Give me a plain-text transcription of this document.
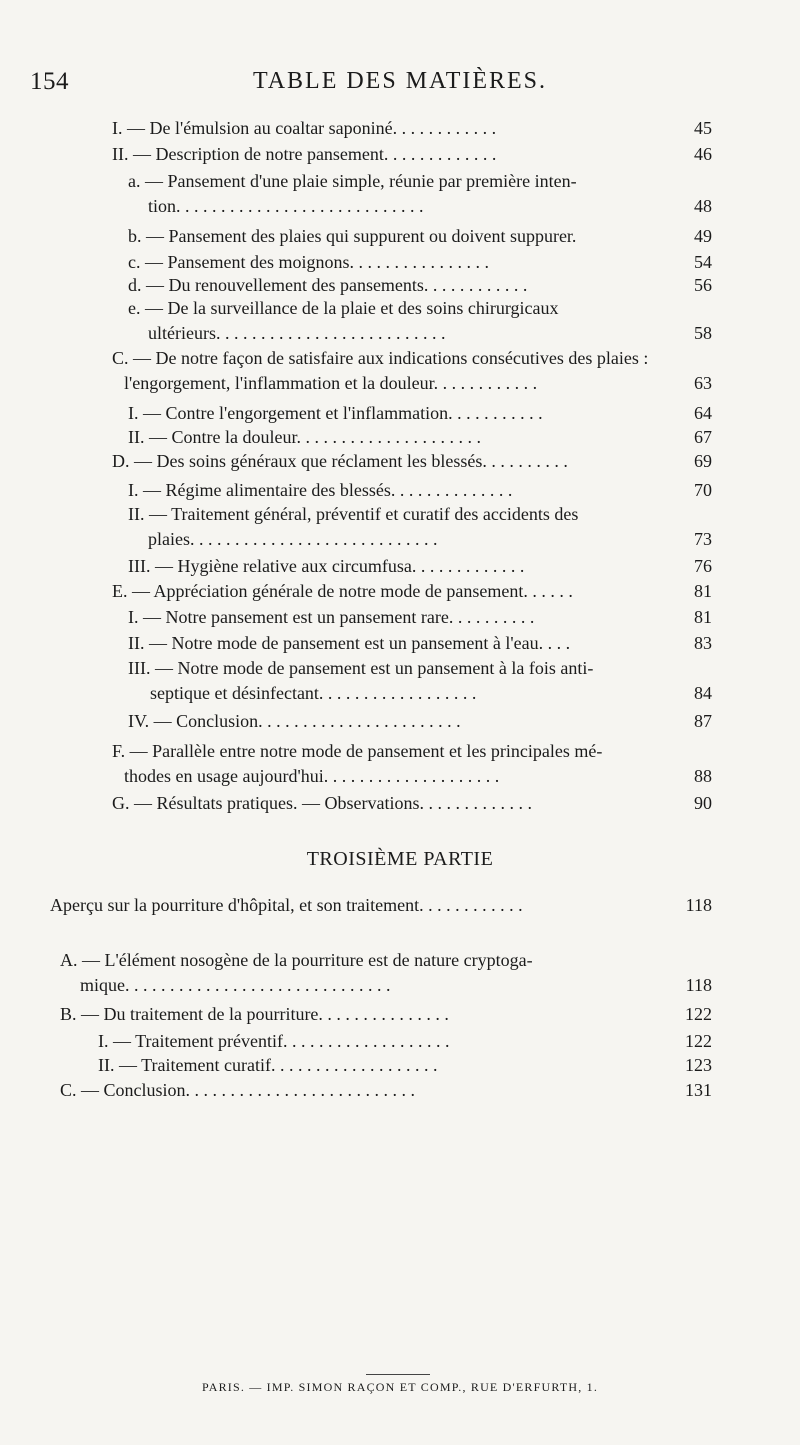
154	TABLE DES MATIÈRES.
I. — De l'émulsion au coaltar saponiné. . . . . . . . . . . .	45
II. — Description de notre pansement. . . . . . . . . . . . .	46
a. — Pansement d'une plaie simple, réunie par première inten-
tion. . . . . . . . . . . . . . . . . . . . . . . . . . . .	48
b. — Pansement des plaies qui suppurent ou doivent suppurer.	49
c. — Pansement des moignons. . . . . . . . . . . . . . . .	54
d. — Du renouvellement des pansements. . . . . . . . . . . .	56
e. — De la surveillance de la plaie et des soins chirurgicaux
ultérieurs. . . . . . . . . . . . . . . . . . . . . . . . . .	58
C. — De notre façon de satisfaire aux indications consécutives des plaies :
l'engorgement, l'inflammation et la douleur. . . . . . . . . . . .	63
I. — Contre l'engorgement et l'inflammation. . . . . . . . . . .	64
II. — Contre la douleur. . . . . . . . . . . . . . . . . . . . .	67
D. — Des soins généraux que réclament les blessés. . . . . . . . . .	69
I. — Régime alimentaire des blessés. . . . . . . . . . . . . .	70
II. — Traitement général, préventif et curatif des accidents des
plaies. . . . . . . . . . . . . . . . . . . . . . . . . . . .	73
III. — Hygiène relative aux circumfusa. . . . . . . . . . . . .	76
E. — Appréciation générale de notre mode de pansement. . . . . .	81
I. — Notre pansement est un pansement rare. . . . . . . . . .	81
II. — Notre mode de pansement est un pansement à l'eau. . . .	83
III. — Notre mode de pansement est un pansement à la fois anti-
septique et désinfectant. . . . . . . . . . . . . . . . . .	84
IV. — Conclusion. . . . . . . . . . . . . . . . . . . . . . .	87
F. — Parallèle entre notre mode de pansement et les principales mé-
thodes en usage aujourd'hui. . . . . . . . . . . . . . . . . . . .	88
G. — Résultats pratiques. — Observations. . . . . . . . . . . . .	90
TROISIÈME PARTIE
Aperçu sur la pourriture d'hôpital, et son traitement. . . . . . . . . . . .	118
A. — L'élément nosogène de la pourriture est de nature cryptoga-
mique. . . . . . . . . . . . . . . . . . . . . . . . . . . . . .	118
B. — Du traitement de la pourriture. . . . . . . . . . . . . . .	122
I. — Traitement préventif. . . . . . . . . . . . . . . . . . .	122
II. — Traitement curatif. . . . . . . . . . . . . . . . . . .	123
C. — Conclusion. . . . . . . . . . . . . . . . . . . . . . . . . .	131
PARIS. — IMP. SIMON RAÇON ET COMP., RUE D'ERFURTH, 1.
